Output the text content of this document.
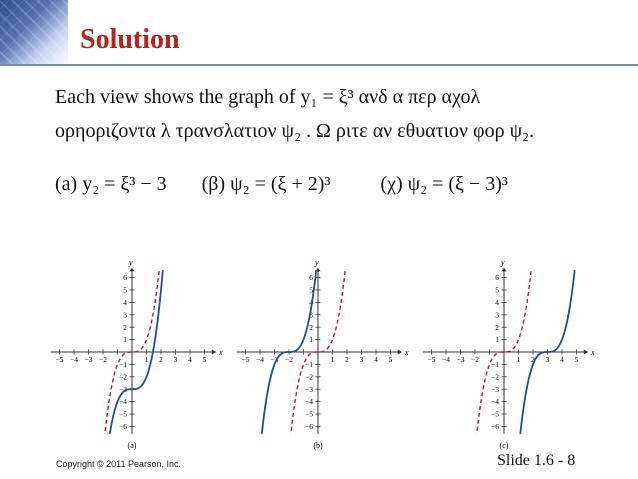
Solution
Each view shows the graph of y₁ = ξ³ ανδ α περ αχολ
ορηοριζοντα λ τρανσλατιον ψ₂ . Ω ριτε αν εθυατιον φορ ψ₂.
(a) y₂ = ξ³ − 3       (β) ψ₂ = (ξ + 2)³          (χ) ψ₂ = (ξ − 3)³
x
y
−5 −4 −3 −2	1 2 3 4 5
6
5
4
3
2
1
−1
−2
−3
−4
−5
−6
(a)
x
y
−5 −4 −3 −2	1 2 3 4 5
6
5
4
3
2
1
−1
−2
−3
−4
−5
−6
(b)
x
y
−5 −4 −3 −2	1 2 3 4 5
6
5
4
3
2
1
−1
−2
−3
−4
−5
−6
(c)
Copyright © 2011 Pearson, Inc.	Slide 1.6 - 8
